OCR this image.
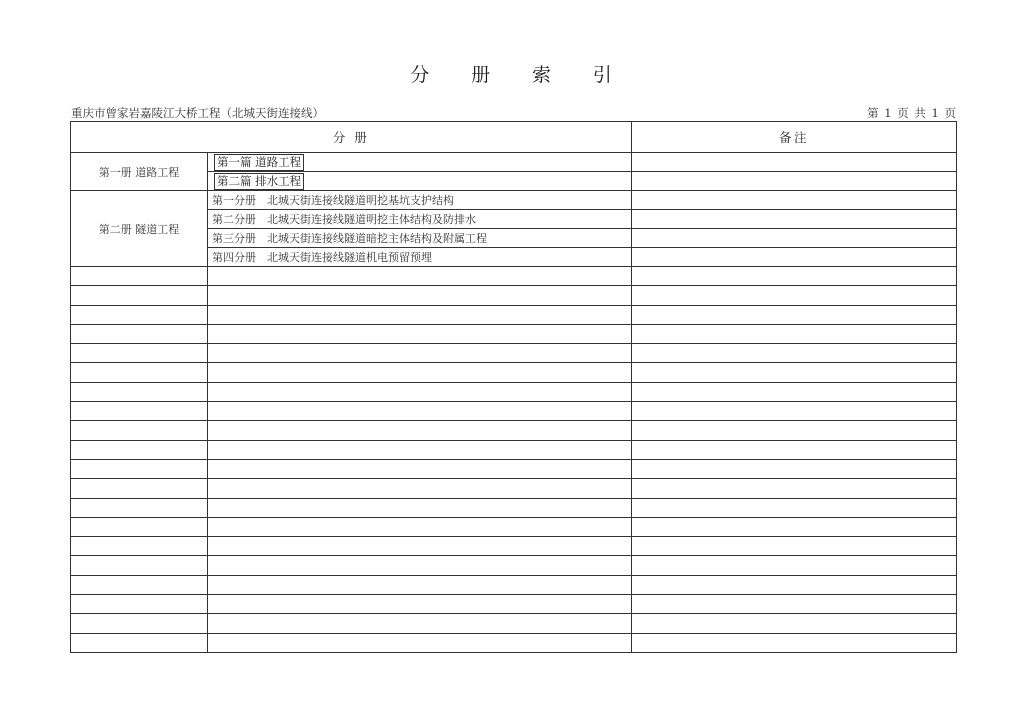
分 册 索 引
重庆市曾家岩嘉陵江大桥工程（北城天街连接线）	第 1 页 共 1 页
分 册		备注
第一册 道路工程	第一篇 道路工程	
	第二篇 排水工程	
第二册 隧道工程	第一分册　北城天街连接线隧道明挖基坑支护结构	
	第二分册　北城天街连接线隧道明挖主体结构及防排水	
	第三分册　北城天街连接线隧道暗挖主体结构及附属工程	
	第四分册　北城天街连接线隧道机电预留预埋	
